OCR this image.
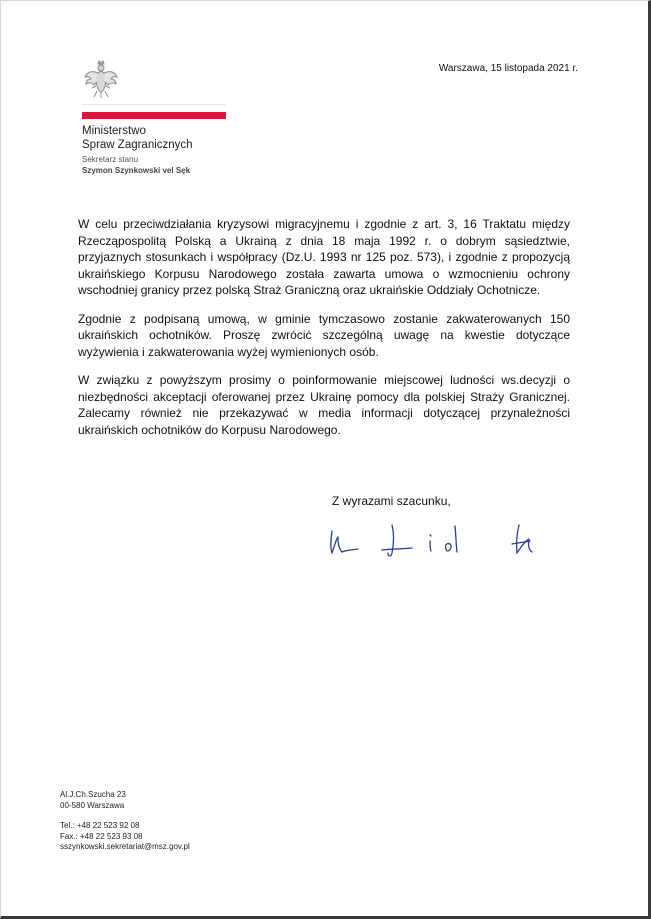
Ministerstwo
Spraw Zagranicznych
Sekretarz stanu
Szymon Szynkowski vel Sęk
Warszawa, 15 listopada 2021 r.

W celu przeciwdziałania kryzysowi migracyjnemu i zgodnie z art. 3, 16 Traktatu między Rzecząpospolitą Polską a Ukrainą z dnia 18 maja 1992 r. o dobrym sąsiedztwie, przyjaznych stosunkach i współpracy (Dz.U. 1993 nr 125 poz. 573), i zgodnie z propozycją ukraińskiego Korpusu Narodowego została zawarta umowa o wzmocnieniu ochrony wschodniej granicy przez polską Straż Graniczną oraz ukraińskie Oddziały Ochotnicze.

Zgodnie z podpisaną umową, w gminie tymczasowo zostanie zakwaterowanych 150 ukraińskich ochotników. Proszę zwrócić szczególną uwagę na kwestie dotyczące wyżywienia i zakwaterowania wyżej wymienionych osób.

W związku z powyższym prosimy o poinformowanie miejscowej ludności ws.decyzji o niezbędności akceptacji oferowanej przez Ukrainę pomocy dla polskiej Straży Granicznej. Zalecamy również nie przekazywać w media informacji dotyczącej przynależności ukraińskich ochotników do Korpusu Narodowego.

Z wyrazami szacunku,
Al.J.Ch.Szucha 23
00-580 Warszawa
Tel.: +48 22 523 92 08
Fax.: +48 22 523 93 08
sszynkowski.sekretariat@msz.gov.pl
